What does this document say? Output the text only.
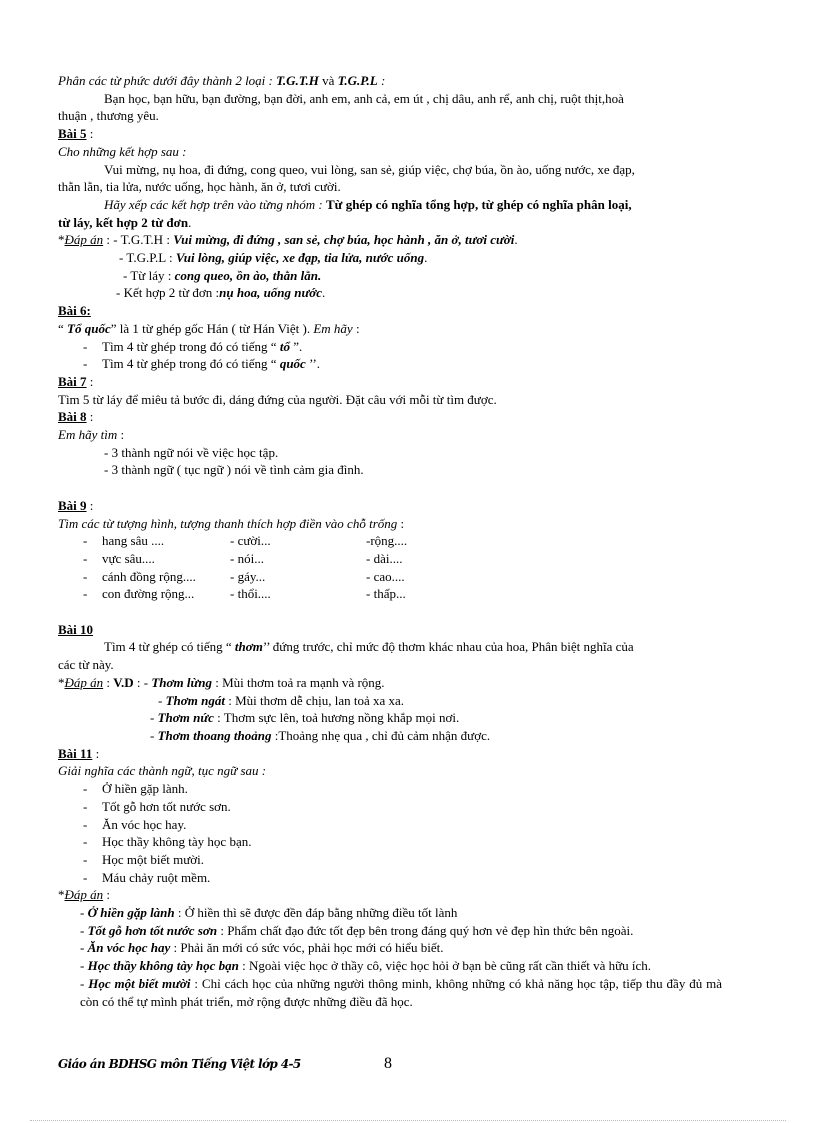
Phân các từ phức dưới đây thành 2 loại : T.G.T.H và T.G.P.L :

Bạn học, bạn hữu, bạn đường, bạn đời, anh em, anh cả, em út , chị dâu, anh rể, anh chị, ruột thịt,hoà

thuận , thương yêu.

Bài 5 :

Cho những kết hợp sau :

Vui mừng, nụ hoa, đi đứng, cong queo, vui lòng, san sẻ, giúp việc, chợ búa, ồn ào, uống nước, xe đạp,

thằn lằn, tia lửa, nước uống, học hành, ăn ở, tươi cười.

Hãy xếp các kết hợp trên vào từng nhóm : Từ ghép có nghĩa tổng hợp, từ ghép có nghĩa phân loại,

từ láy, kết hợp 2 từ đơn.

*Đáp án : - T.G.T.H : Vui mừng, đi đứng , san sẻ, chợ búa, học hành , ăn ở, tươi cười.

- T.G.P.L : Vui lòng, giúp việc, xe đạp, tia lửa, nước uống.

- Từ láy : cong queo, ồn ào, thằn lằn.

- Kết hợp 2 từ đơn :nụ hoa, uống nước.

Bài 6:

“ Tổ quốc” là 1 từ ghép gốc Hán ( từ Hán Việt ). Em hãy :

- Tìm 4 từ ghép trong đó có tiếng “ tổ ”.

- Tìm 4 từ ghép trong đó có tiếng “ quốc ’’.

Bài 7 :

Tìm 5 từ láy để miêu tả bước đi, dáng đứng của người. Đặt câu với mỗi từ tìm được.

Bài 8 :

Em hãy tìm :

- 3 thành ngữ nói về việc học tập.

- 3 thành ngữ ( tục ngữ ) nói về tình cảm gia đình.

Bài 9 :

Tìm các từ tượng hình, tượng thanh thích hợp điền vào chỗ trống :

- hang sâu ....	- cười...	-rộng....

- vực sâu....	- nói...	- dài....

- cánh đồng rộng....	- gáy...	- cao....

- con đường rộng...	- thổi....	- thấp...

Bài 10

Tìm 4 từ ghép có tiếng “ thơm’’ đứng trước, chỉ mức độ thơm khác nhau của hoa, Phân biệt nghĩa của

các từ này.

*Đáp án : V.D : - Thơm lừng : Mùi thơm toả ra mạnh và rộng.

- Thơm ngát : Mùi thơm dễ chịu, lan toả xa xa.

- Thơm nức : Thơm sực lên, toả hương nồng khắp mọi nơi.

- Thơm thoang thoảng :Thoảng nhẹ qua , chỉ đủ cảm nhận được.

Bài 11 :

Giải nghĩa các thành ngữ, tục ngữ sau :

- Ở hiền gặp lành.

- Tốt gỗ hơn tốt nước sơn.

- Ăn vóc học hay.

- Học thầy không tày học bạn.

- Học một biết mười.

- Máu chảy ruột mềm.

*Đáp án :

- Ở hiền gặp lành : Ở hiền thì sẽ được đền đáp bằng những điều tốt lành

- Tốt gỗ hơn tốt nước sơn : Phẩm chất đạo đức tốt đẹp bên trong đáng quý hơn vẻ đẹp hìn thức bên ngoài.

- Ăn vóc học hay : Phải ăn mới có sức vóc, phải học mới có hiểu biết.

- Học thầy không tày học bạn : Ngoài việc học ở thầy cô, việc học hỏi ở bạn bè cũng rất cần thiết và hữu ích.

- Học một biết mười : Chỉ cách học của những người thông minh, không những có khả năng học tập, tiếp thu đầy đủ mà còn có thể tự mình phát triển, mở rộng được những điều đã học.

Giáo án BDHSG môn Tiếng Việt lớp 4-5	8
